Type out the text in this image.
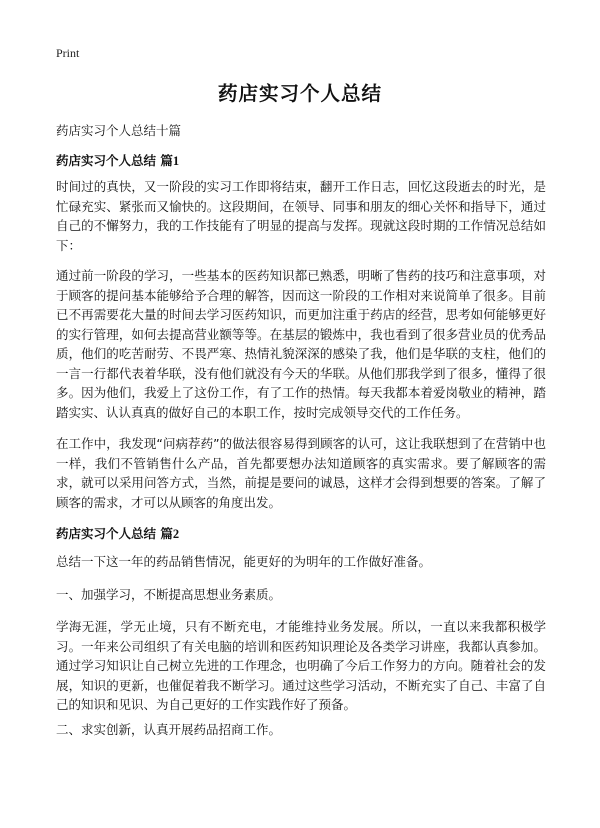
Print
药店实习个人总结

药店实习个人总结十篇

药店实习个人总结 篇1

时间过的真快，又一阶段的实习工作即将结束，翻开工作日志，回忆这段逝去的时光，是忙碌充实、紧张而又愉快的。这段期间，在领导、同事和朋友的细心关怀和指导下，通过自己的不懈努力，我的工作技能有了明显的提高与发挥。现就这段时期的工作情况总结如下：

通过前一阶段的学习，一些基本的医药知识都已熟悉，明晰了售药的技巧和注意事项，对于顾客的提问基本能够给予合理的解答，因而这一阶段的工作相对来说简单了很多。目前已不再需要花大量的时间去学习医药知识，而更加注重于药店的经营，思考如何能够更好的实行管理，如何去提高营业额等等。在基层的锻炼中，我也看到了很多营业员的优秀品质，他们的吃苦耐劳、不畏严寒、热情礼貌深深的感染了我，他们是华联的支柱，他们的一言一行都代表着华联，没有他们就没有今天的华联。从他们那我学到了很多，懂得了很多。因为他们，我爱上了这份工作，有了工作的热情。每天我都本着爱岗敬业的精神，踏踏实实、认认真真的做好自己的本职工作，按时完成领导交代的工作任务。

在工作中，我发现“问病荐药”的做法很容易得到顾客的认可，这让我联想到了在营销中也一样，我们不管销售什么产品，首先都要想办法知道顾客的真实需求。要了解顾客的需求，就可以采用问答方式，当然，前提是要问的诚恳，这样才会得到想要的答案。了解了顾客的需求，才可以从顾客的角度出发。

药店实习个人总结 篇2

总结一下这一年的药品销售情况，能更好的为明年的工作做好准备。

一、加强学习，不断提高思想业务素质。

学海无涯，学无止境，只有不断充电，才能维持业务发展。所以，一直以来我都积极学习。一年来公司组织了有关电脑的培训和医药知识理论及各类学习讲座，我都认真参加。通过学习知识让自己树立先进的工作理念，也明确了今后工作努力的方向。随着社会的发展，知识的更新，也催促着我不断学习。通过这些学习活动，不断充实了自己、丰富了自己的知识和见识、为自己更好的工作实践作好了预备。

二、求实创新，认真开展药品招商工作。
